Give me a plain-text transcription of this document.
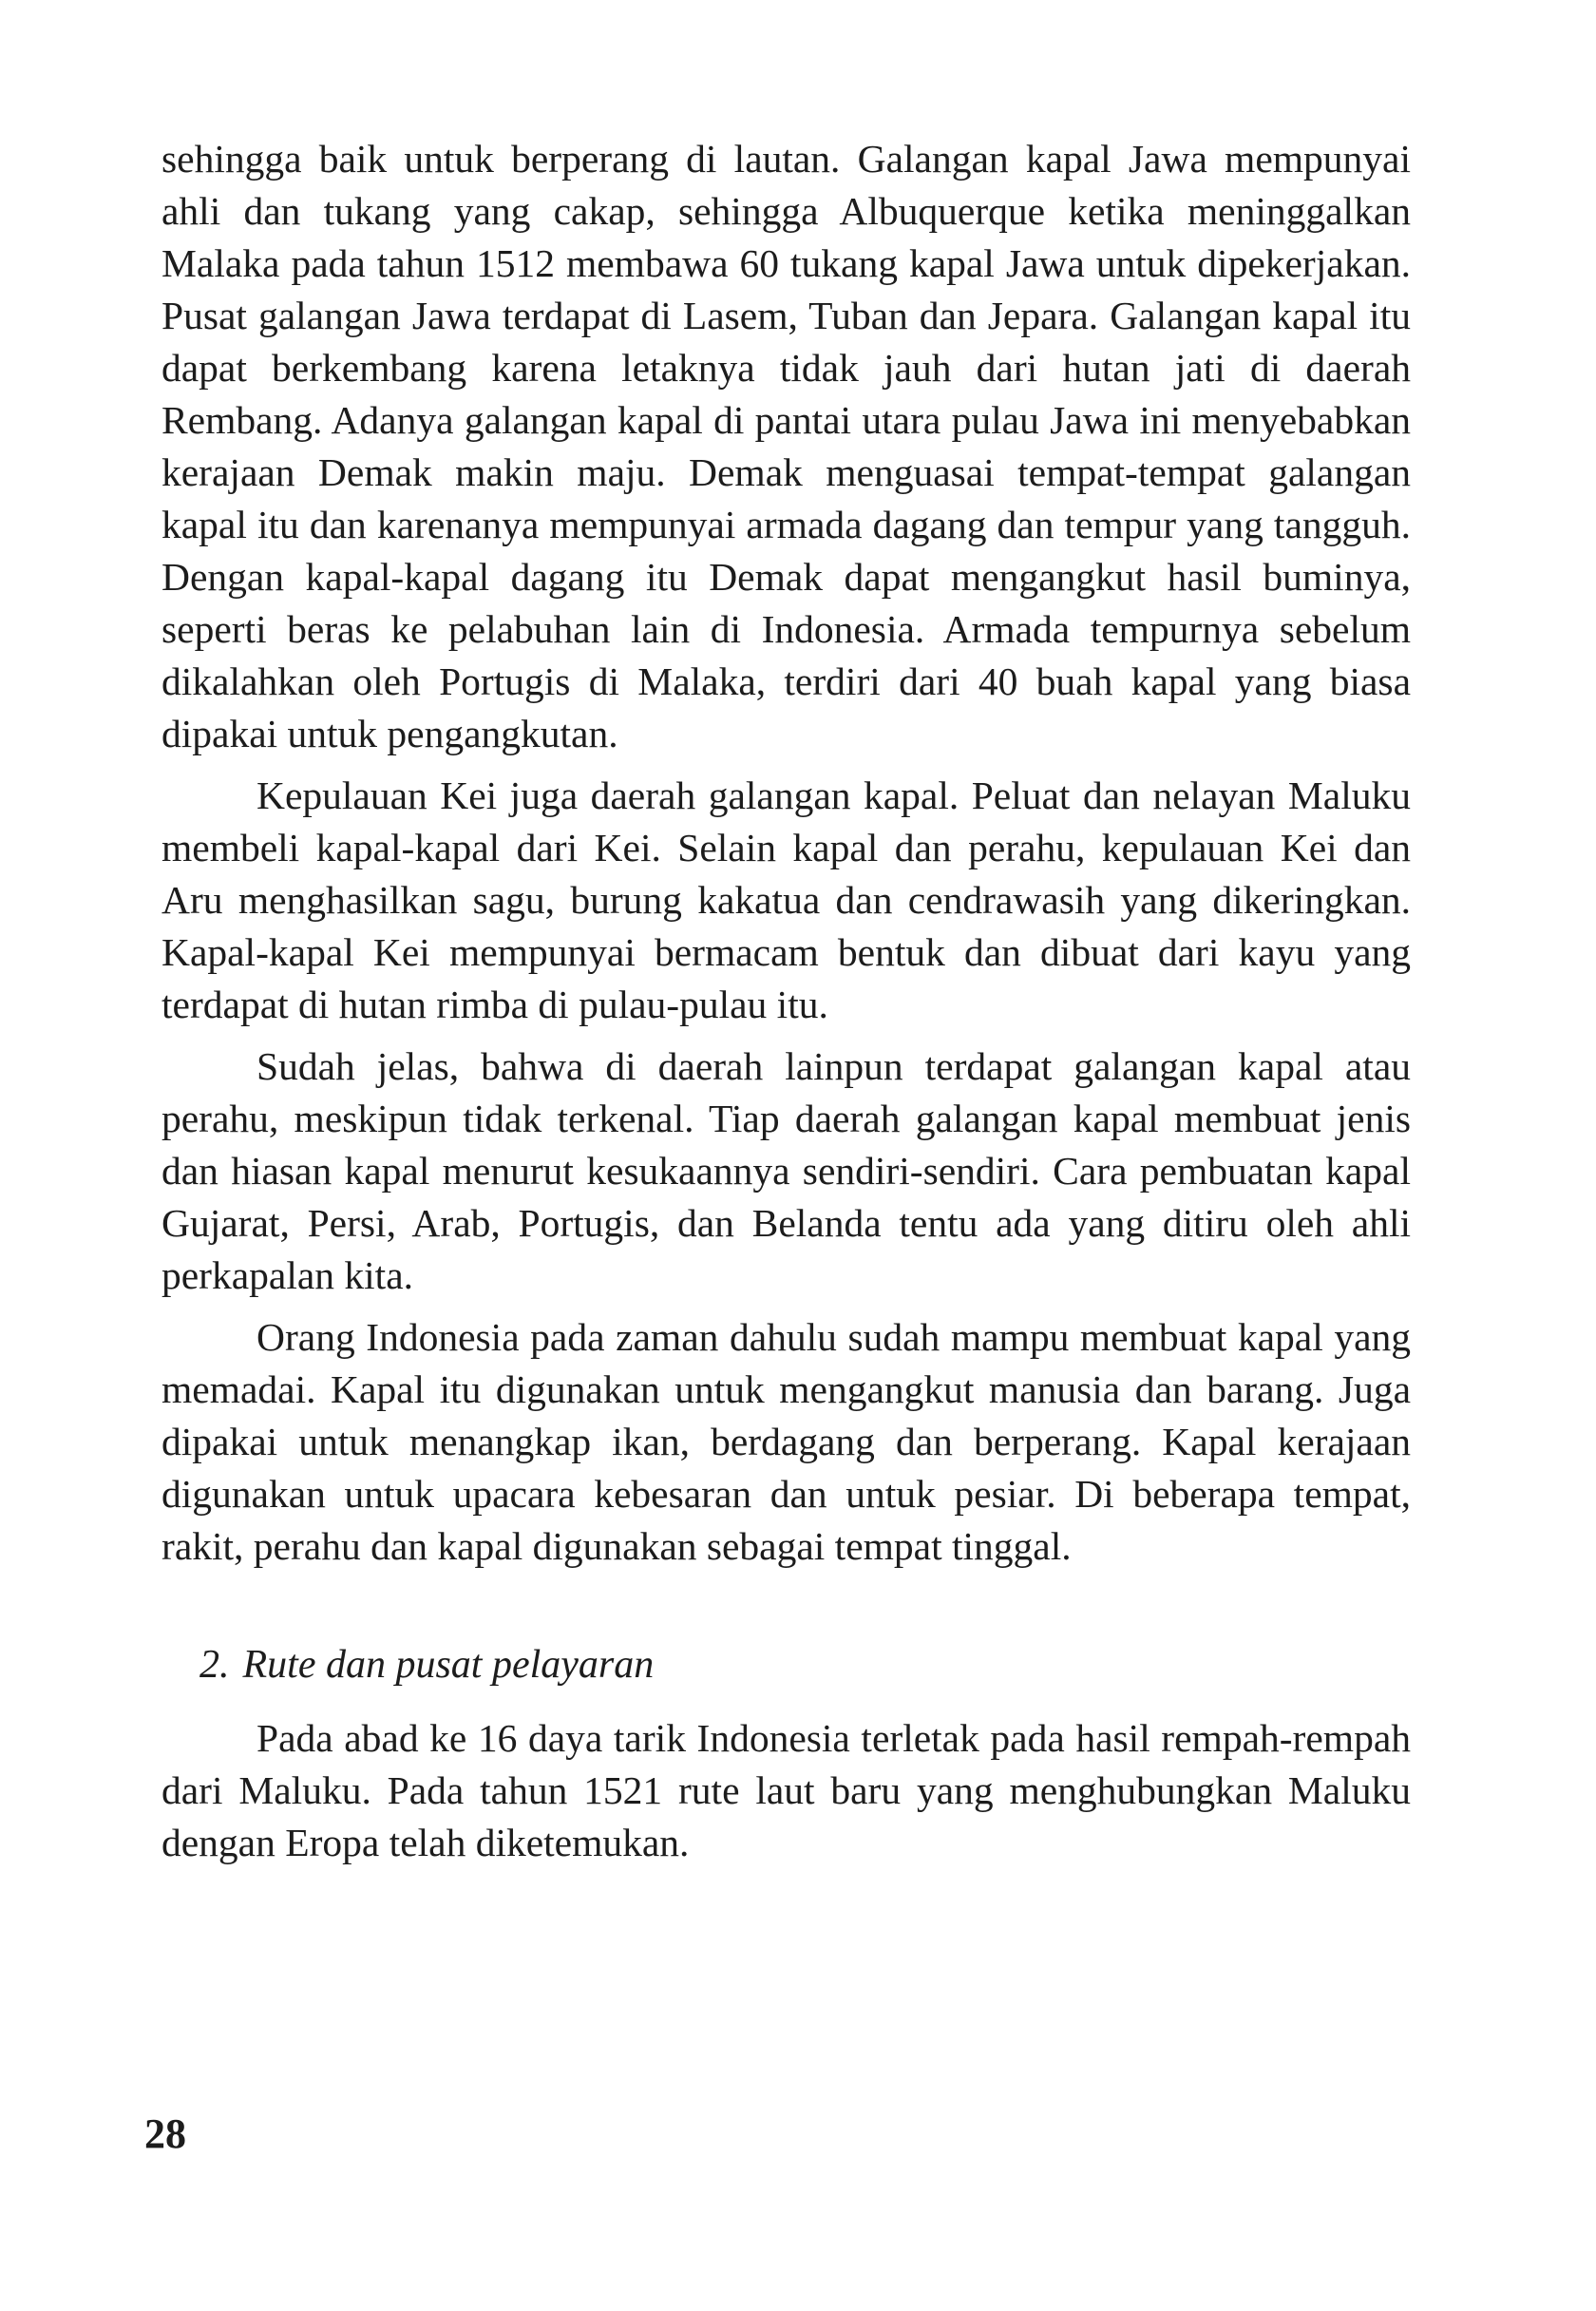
sehingga baik untuk berperang di lautan. Galangan kapal Jawa mempunyai ahli dan tukang yang cakap, sehingga Albuquerque ketika meninggalkan Malaka pada tahun 1512 membawa 60 tukang kapal Jawa untuk dipekerjakan. Pusat galangan Jawa terdapat di Lasem, Tuban dan Jepara. Galangan kapal itu dapat berkembang karena letaknya tidak jauh dari hutan jati di daerah Rembang. Adanya galangan kapal di pantai utara pulau Jawa ini menyebabkan kerajaan Demak makin maju. Demak menguasai tempat-tempat galangan kapal itu dan karenanya mempunyai armada dagang dan tempur yang tangguh. Dengan kapal-kapal dagang itu Demak dapat mengangkut hasil buminya, seperti beras ke pelabuhan lain di Indonesia. Armada tempurnya sebelum dikalahkan oleh Portugis di Malaka, terdiri dari 40 buah kapal yang biasa dipakai untuk pengangkutan.

Kepulauan Kei juga daerah galangan kapal. Peluat dan nelayan Maluku membeli kapal-kapal dari Kei. Selain kapal dan perahu, kepulauan Kei dan Aru menghasilkan sagu, burung kakatua dan cendrawasih yang dikeringkan. Kapal-kapal Kei mempunyai bermacam bentuk dan dibuat dari kayu yang terdapat di hutan rimba di pulau-pulau itu.

Sudah jelas, bahwa di daerah lainpun terdapat galangan kapal atau perahu, meskipun tidak terkenal. Tiap daerah galangan kapal membuat jenis dan hiasan kapal menurut kesukaannya sendiri-sendiri. Cara pembuatan kapal Gujarat, Persi, Arab, Portugis, dan Belanda tentu ada yang ditiru oleh ahli perkapalan kita.

Orang Indonesia pada zaman dahulu sudah mampu membuat kapal yang memadai. Kapal itu digunakan untuk mengangkut manusia dan barang. Juga dipakai untuk menangkap ikan, berdagang dan berperang. Kapal kerajaan digunakan untuk upacara kebesaran dan untuk pesiar. Di beberapa tempat, rakit, perahu dan kapal digunakan sebagai tempat tinggal.

2. Rute dan pusat pelayaran

Pada abad ke 16 daya tarik Indonesia terletak pada hasil rempah-rempah dari Maluku. Pada tahun 1521 rute laut baru yang menghubungkan Maluku dengan Eropa telah diketemukan.

28
